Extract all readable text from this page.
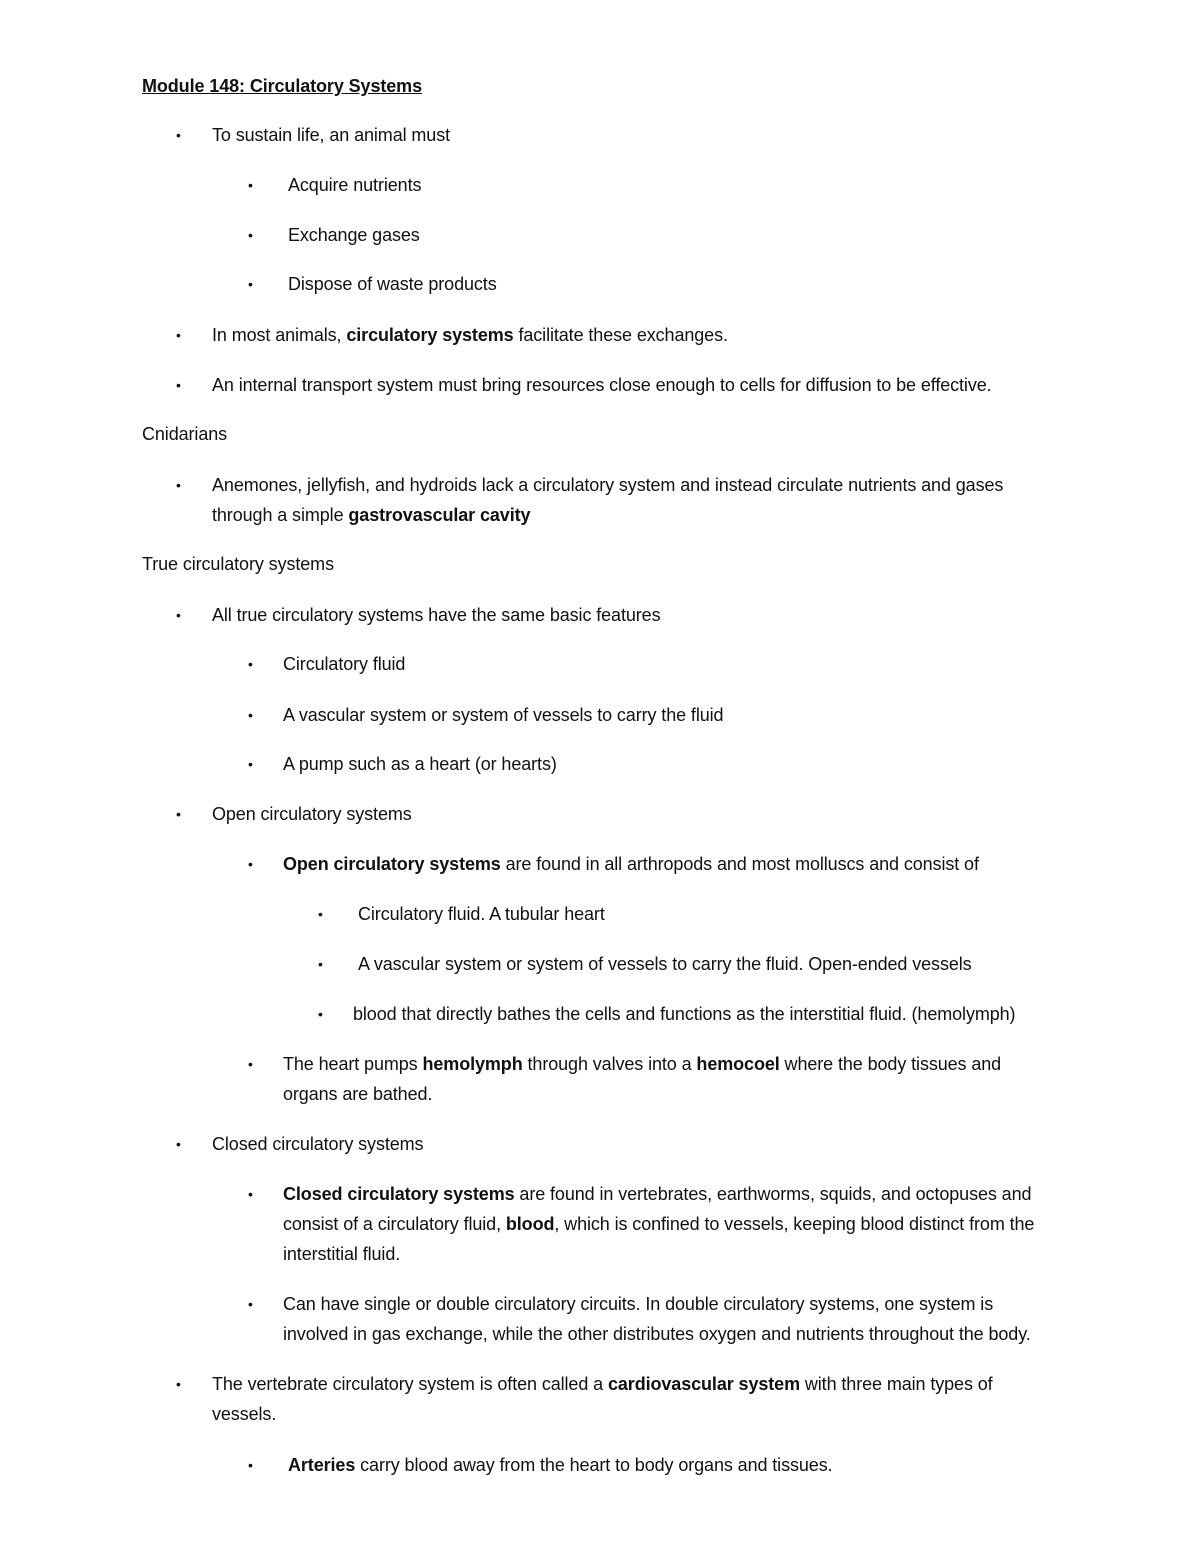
Module 148: Circulatory Systems
• To sustain life, an animal must
• Acquire nutrients
• Exchange gases
• Dispose of waste products
• In most animals, circulatory systems facilitate these exchanges.
• An internal transport system must bring resources close enough to cells for diffusion to be effective.
Cnidarians
• Anemones, jellyfish, and hydroids lack a circulatory system and instead circulate nutrients and gases
through a simple gastrovascular cavity
True circulatory systems
• All true circulatory systems have the same basic features
• Circulatory fluid
• A vascular system or system of vessels to carry the fluid
• A pump such as a heart (or hearts)
• Open circulatory systems
• Open circulatory systems are found in all arthropods and most molluscs and consist of
• Circulatory fluid. A tubular heart
• A vascular system or system of vessels to carry the fluid. Open-ended vessels
• blood that directly bathes the cells and functions as the interstitial fluid. (hemolymph)
• The heart pumps hemolymph through valves into a hemocoel where the body tissues and
organs are bathed.
• Closed circulatory systems
• Closed circulatory systems are found in vertebrates, earthworms, squids, and octopuses and
consist of a circulatory fluid, blood, which is confined to vessels, keeping blood distinct from the
interstitial fluid.
• Can have single or double circulatory circuits. In double circulatory systems, one system is
involved in gas exchange, while the other distributes oxygen and nutrients throughout the body.
• The vertebrate circulatory system is often called a cardiovascular system with three main types of
vessels.
• Arteries carry blood away from the heart to body organs and tissues.
